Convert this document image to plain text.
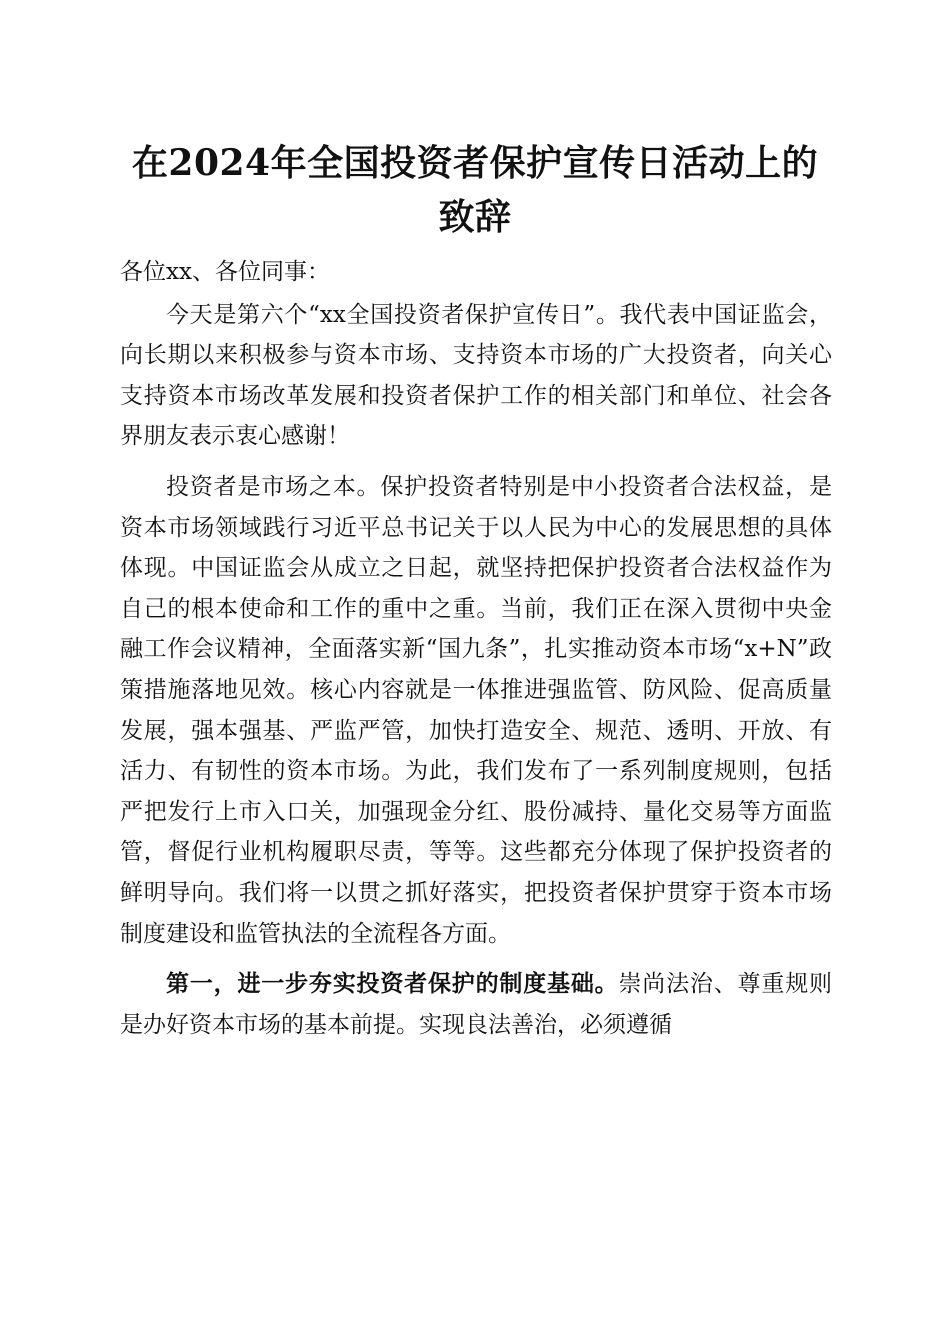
在2024年全国投资者保护宣传日活动上的致辞

各位xx、各位同事：

今天是第六个“xx全国投资者保护宣传日”。我代表中国证监会，向长期以来积极参与资本市场、支持资本市场的广大投资者，向关心支持资本市场改革发展和投资者保护工作的相关部门和单位、社会各界朋友表示衷心感谢！

投资者是市场之本。保护投资者特别是中小投资者合法权益，是资本市场领域践行习近平总书记关于以人民为中心的发展思想的具体体现。中国证监会从成立之日起，就坚持把保护投资者合法权益作为自己的根本使命和工作的重中之重。当前，我们正在深入贯彻中央金融工作会议精神，全面落实新“国九条”，扎实推动资本市场“x+N”政策措施落地见效。核心内容就是一体推进强监管、防风险、促高质量发展，强本强基、严监严管，加快打造安全、规范、透明、开放、有活力、有韧性的资本市场。为此，我们发布了一系列制度规则，包括严把发行上市入口关，加强现金分红、股份减持、量化交易等方面监管，督促行业机构履职尽责，等等。这些都充分体现了保护投资者的鲜明导向。我们将一以贯之抓好落实，把投资者保护贯穿于资本市场制度建设和监管执法的全流程各方面。

第一，进一步夯实投资者保护的制度基础。崇尚法治、尊重规则是办好资本市场的基本前提。实现良法善治，必须遵循
